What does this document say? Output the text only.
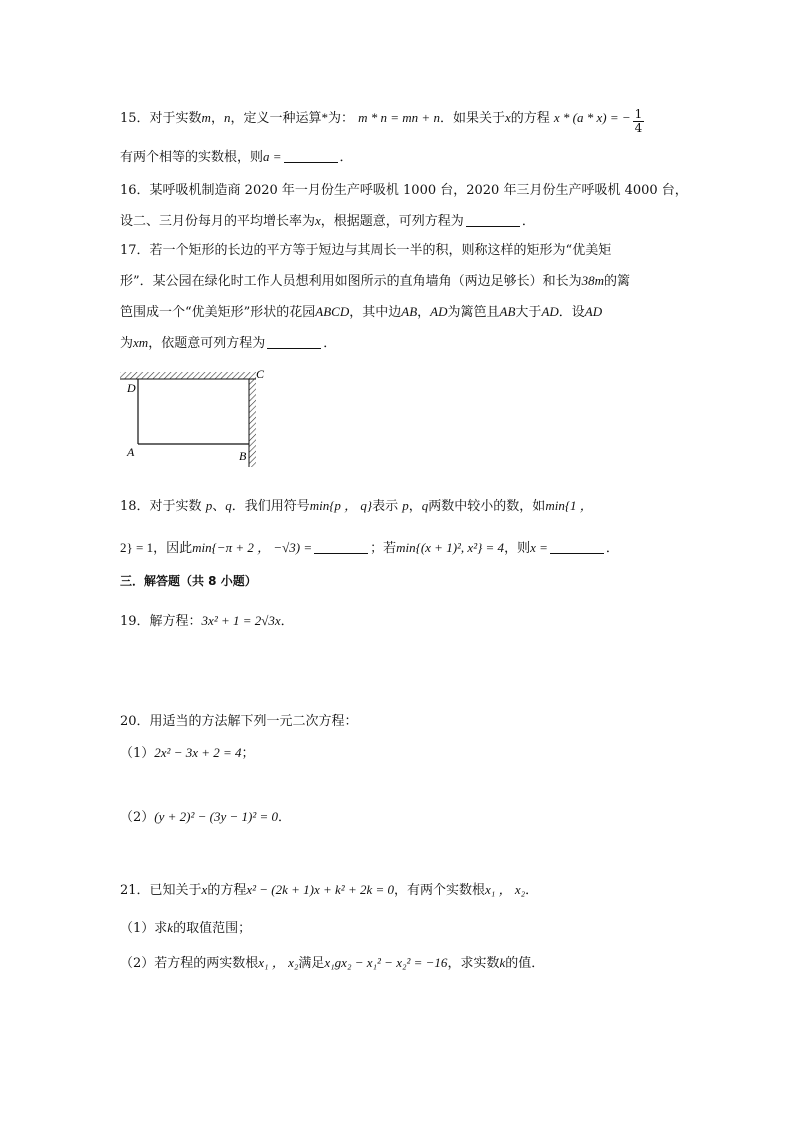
15．对于实数m，n，定义一种运算*为： m * n = mn + n．如果关于x的方程 x * (a * x) = − $\frac{1}{4}$
有两个相等的实数根，则a =	．
16．某呼吸机制造商 2020 年一月份生产呼吸机 1000 台，2020 年三月份生产呼吸机 4000 台，
设二、三月份每月的平均增长率为x，根据题意，可列方程为	．
17．若一个矩形的长边的平方等于短边与其周长一半的积，则称这样的矩形为“优美矩
形”．某公园在绿化时工作人员想利用如图所示的直角墙角（两边足够长）和长为38m的篱
笆围成一个“优美矩形”形状的花园ABCD，其中边AB，AD为篱笆且AB大于AD．设AD
为xm，依题意可列方程为	．
D
C
A	B
18．对于实数 p、q．我们用符号min{p ， q}表示 p，q两数中较小的数，如min{1 ，
2} = 1，因此min{−π + 2 ， −√3) =	；若min{(x + 1)², x²} = 4，则x =	．
三．解答题（共 8 小题）
19．解方程：3x² + 1 = 2√3x．
20．用适当的方法解下列一元二次方程：
（1）2x² − 3x + 2 = 4；
（2）(y + 2)² − (3y − 1)² = 0．
21．已知关于x的方程x² − (2k + 1)x + k² + 2k = 0，有两个实数根x₁ ， x₂．
（1）求k的取值范围；
（2）若方程的两实数根x₁ ， x₂满足x₁gx₂ − x₁² − x₂² = −16，求实数k的值．
